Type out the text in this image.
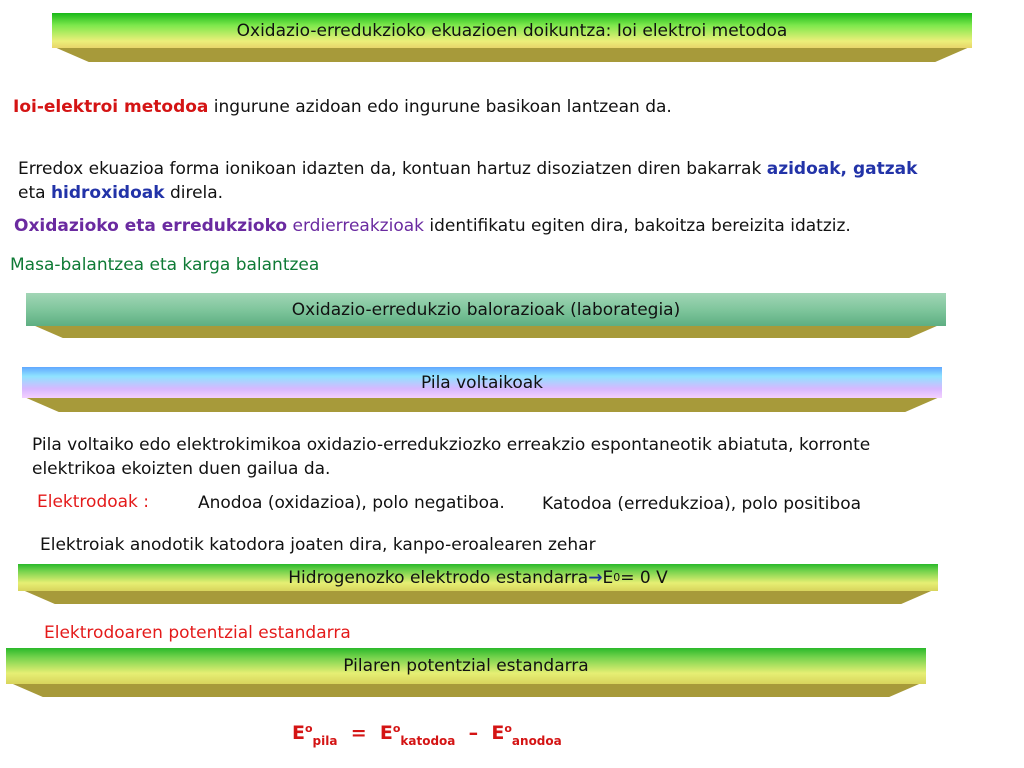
Oxidazio-erredukzioko ekuazioen doikuntza: Ioi elektroi metodoa
Ioi-elektroi metodoa ingurune azidoan edo ingurune basikoan lantzean da.
Erredox ekuazioa forma ionikoan idazten da, kontuan hartuz disoziatzen diren bakarrak azidoak, gatzak
eta hidroxidoak direla.
Oxidazioko eta erredukzioko erdierreakzioak identifikatu egiten dira, bakoitza bereizita idatziz.
Masa-balantzea eta karga balantzea
Oxidazio-erredukzio balorazioak (laborategia)
Pila voltaikoak
Pila voltaiko edo elektrokimikoa oxidazio-erredukziozko erreakzio espontaneotik abiatuta, korronte
elektrikoa ekoizten duen gailua da.
Elektrodoak :	Anodoa (oxidazioa), polo negatiboa. Katodoa (erredukzioa), polo positiboa
Elektroiak anodotik katodora joaten dira, kanpo-eroalearen zehar
Hidrogenozko elektrodo estandarra → E 0 = 0 V
Elektrodoaren potentzial estandarra
Pilaren potentzial estandarra
$E^o_{pila} = E^o_{katodoa} - E^o_{anodoa}$
